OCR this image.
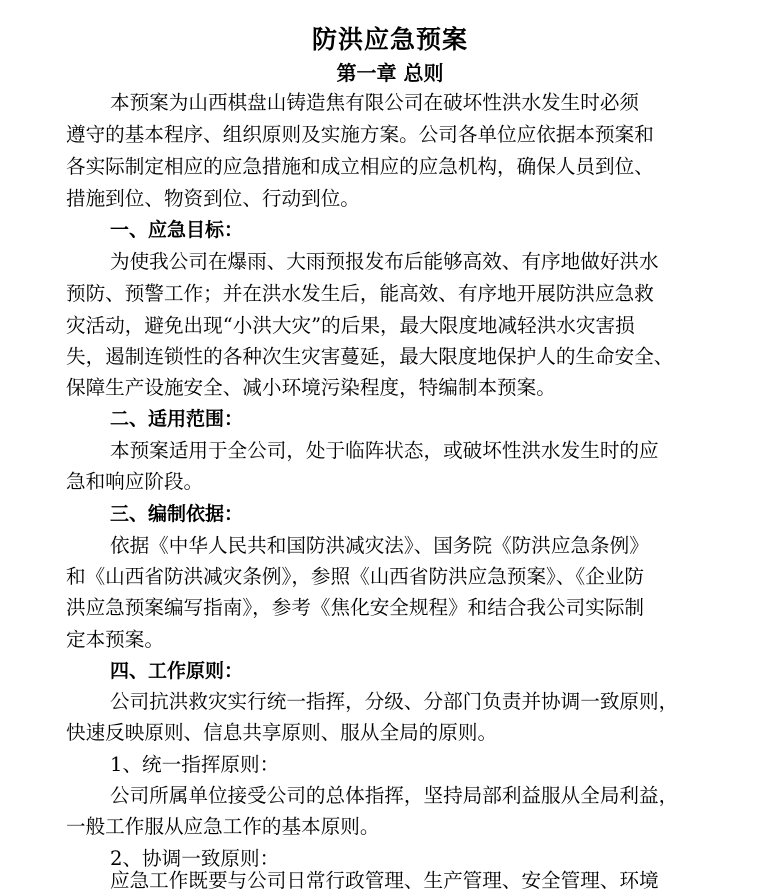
防洪应急预案
第一章 总则
本预案为山西棋盘山铸造焦有限公司在破坏性洪水发生时必须
遵守的基本程序、组织原则及实施方案。公司各单位应依据本预案和
各实际制定相应的应急措施和成立相应的应急机构，确保人员到位、
措施到位、物资到位、行动到位。
一、应急目标：
为使我公司在爆雨、大雨预报发布后能够高效、有序地做好洪水
预防、预警工作；并在洪水发生后，能高效、有序地开展防洪应急救
灾活动，避免出现“小洪大灾”的后果，最大限度地减轻洪水灾害损
失，遏制连锁性的各种次生灾害蔓延，最大限度地保护人的生命安全、
保障生产设施安全、减小环境污染程度，特编制本预案。
二、适用范围：
本预案适用于全公司，处于临阵状态，或破坏性洪水发生时的应
急和响应阶段。
三、编制依据：
依据《中华人民共和国防洪减灾法》、国务院《防洪应急条例》
和《山西省防洪减灾条例》，参照《山西省防洪应急预案》、《企业防
洪应急预案编写指南》，参考《焦化安全规程》和结合我公司实际制
定本预案。
四、工作原则：
公司抗洪救灾实行统一指挥，分级、分部门负责并协调一致原则，
快速反映原则、信息共享原则、服从全局的原则。
1、统一指挥原则：
公司所属单位接受公司的总体指挥，坚持局部利益服从全局利益，
一般工作服从应急工作的基本原则。
2、协调一致原则：
应急工作既要与公司日常行政管理、生产管理、安全管理、环境
